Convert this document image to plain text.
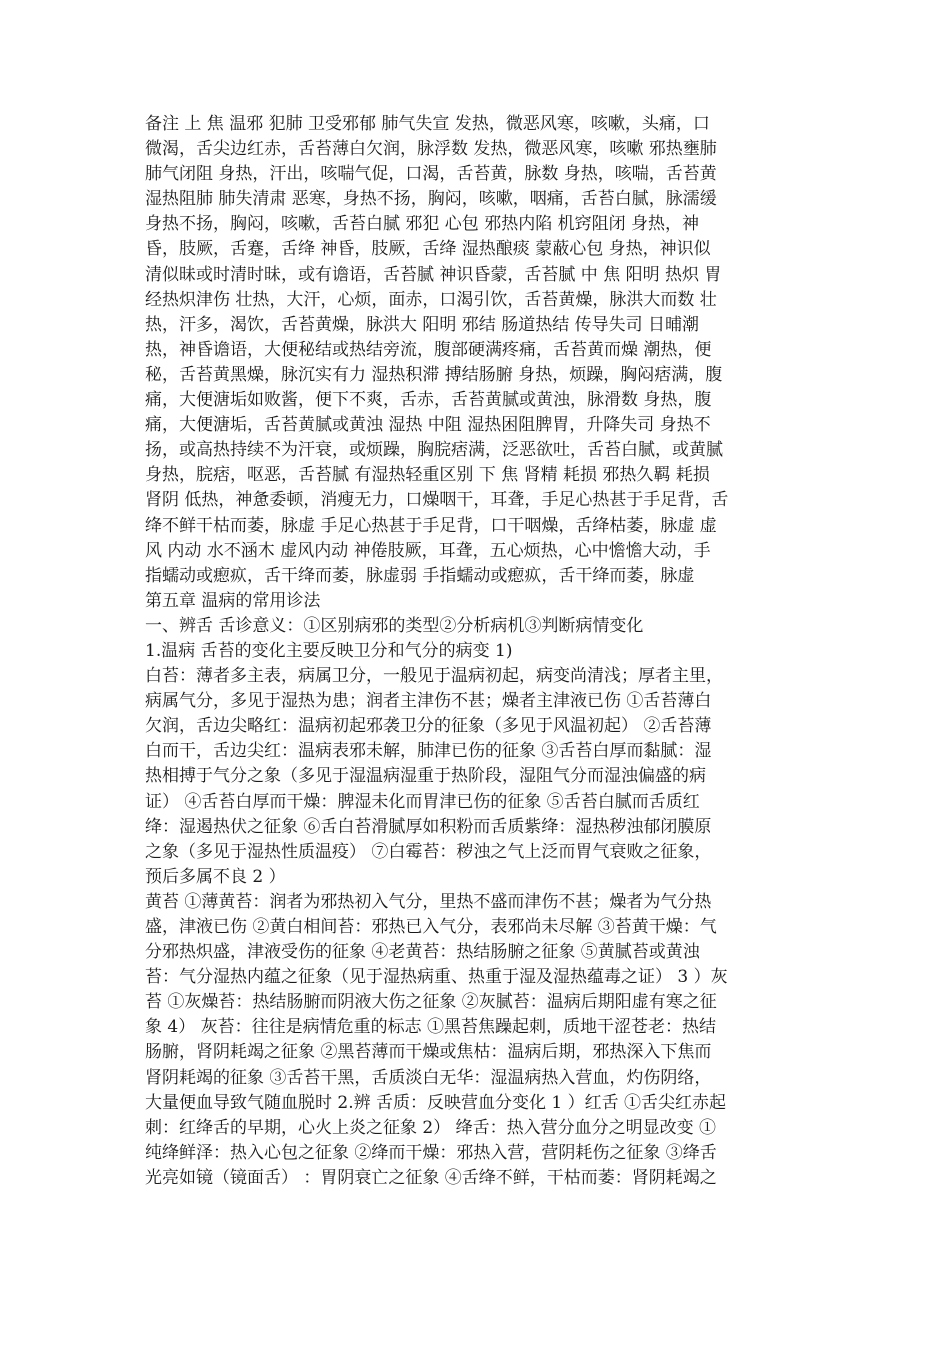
备注 上 焦 温邪 犯肺 卫受邪郁 肺气失宣 发热，微恶风寒，咳嗽，头痛，口
微渴，舌尖边红赤，舌苔薄白欠润，脉浮数 发热，微恶风寒，咳嗽 邪热壅肺
肺气闭阻 身热，汗出，咳喘气促，口渴，舌苔黄，脉数 身热，咳喘，舌苔黄
湿热阻肺 肺失清肃 恶寒，身热不扬，胸闷，咳嗽，咽痛，舌苔白腻，脉濡缓
身热不扬，胸闷，咳嗽，舌苔白腻 邪犯 心包 邪热内陷 机窍阻闭 身热，神
昏，肢厥，舌蹇，舌绛 神昏，肢厥，舌绛 湿热酿痰 蒙蔽心包 身热，神识似
清似昧或时清时昧，或有谵语，舌苔腻 神识昏蒙，舌苔腻 中 焦 阳明 热炽 胃
经热炽津伤 壮热，大汗，心烦，面赤，口渴引饮，舌苔黄燥，脉洪大而数 壮
热，汗多，渴饮，舌苔黄燥，脉洪大 阳明 邪结 肠道热结 传导失司 日晡潮
热，神昏谵语，大便秘结或热结旁流，腹部硬满疼痛，舌苔黄而燥 潮热，便
秘，舌苔黄黑燥，脉沉实有力 湿热积滞 搏结肠腑 身热，烦躁，胸闷痞满，腹
痛，大便溏垢如败酱，便下不爽，舌赤，舌苔黄腻或黄浊，脉滑数 身热，腹
痛，大便溏垢，舌苔黄腻或黄浊 湿热 中阻 湿热困阻脾胃，升降失司 身热不
扬，或高热持续不为汗衰，或烦躁，胸脘痞满，泛恶欲吐，舌苔白腻，或黄腻
身热，脘痞，呕恶，舌苔腻 有湿热轻重区别 下 焦 肾精 耗损 邪热久羁 耗损
肾阴 低热，神惫委顿，消瘦无力，口燥咽干，耳聋，手足心热甚于手足背，舌
绛不鲜干枯而萎，脉虚 手足心热甚于手足背，口干咽燥，舌绛枯萎，脉虚 虚
风 内动 水不涵木 虚风内动 神倦肢厥，耳聋，五心烦热，心中憺憺大动，手
指蠕动或瘛疭，舌干绛而萎，脉虚弱 手指蠕动或瘛疭，舌干绛而萎，脉虚
第五章 温病的常用诊法
一、辨舌 舌诊意义：①区别病邪的类型②分析病机③判断病情变化
1.温病 舌苔的变化主要反映卫分和气分的病变 1)
白苔：薄者多主表，病属卫分，一般见于温病初起，病变尚清浅；厚者主里，
病属气分，多见于湿热为患；润者主津伤不甚；燥者主津液已伤 ①舌苔薄白
欠润，舌边尖略红：温病初起邪袭卫分的征象（多见于风温初起） ②舌苔薄
白而干，舌边尖红：温病表邪未解，肺津已伤的征象 ③舌苔白厚而黏腻：湿
热相搏于气分之象（多见于湿温病湿重于热阶段，湿阻气分而湿浊偏盛的病
证） ④舌苔白厚而干燥：脾湿未化而胃津已伤的征象 ⑤舌苔白腻而舌质红
绛：湿遏热伏之征象 ⑥舌白苔滑腻厚如积粉而舌质紫绛：湿热秽浊郁闭膜原
之象（多见于湿热性质温疫） ⑦白霉苔：秽浊之气上泛而胃气衰败之征象，
预后多属不良 2 ）
黄苔 ①薄黄苔：润者为邪热初入气分，里热不盛而津伤不甚；燥者为气分热
盛，津液已伤 ②黄白相间苔：邪热已入气分，表邪尚未尽解 ③苔黄干燥：气
分邪热炽盛，津液受伤的征象 ④老黄苔：热结肠腑之征象 ⑤黄腻苔或黄浊
苔：气分湿热内蕴之征象（见于湿热病重、热重于湿及湿热蕴毒之证） 3 ）灰
苔 ①灰燥苔：热结肠腑而阴液大伤之征象 ②灰腻苔：温病后期阳虚有寒之征
象 4） 灰苔：往往是病情危重的标志 ①黑苔焦躁起刺，质地干涩苍老：热结
肠腑，肾阴耗竭之征象 ②黑苔薄而干燥或焦枯：温病后期，邪热深入下焦而
肾阴耗竭的征象 ③舌苔干黑，舌质淡白无华：湿温病热入营血，灼伤阴络，
大量便血导致气随血脱时 2.辨 舌质：反映营血分变化 1 ）红舌 ①舌尖红赤起
刺：红绛舌的早期，心火上炎之征象 2） 绛舌：热入营分血分之明显改变 ①
纯绛鲜泽：热入心包之征象 ②绛而干燥：邪热入营，营阴耗伤之征象 ③绛舌
光亮如镜（镜面舌） ：胃阴衰亡之征象 ④舌绛不鲜，干枯而萎：肾阴耗竭之
